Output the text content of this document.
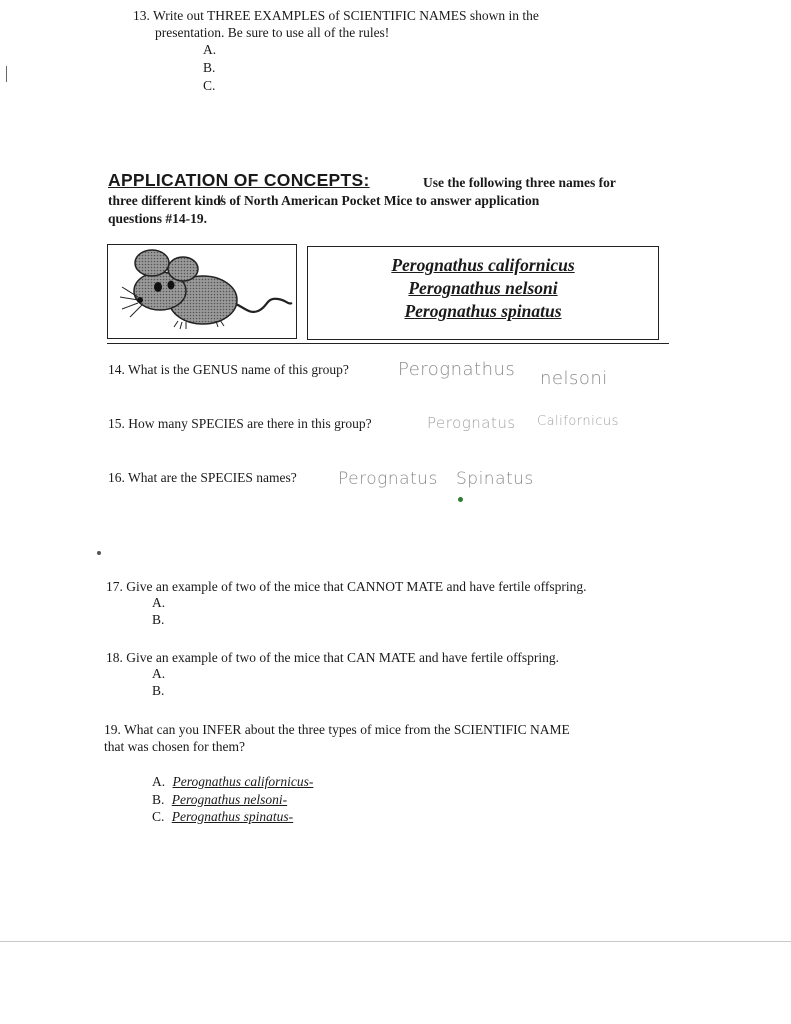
13. Write out THREE EXAMPLES of SCIENTIFIC NAMES shown in the
presentation. Be sure to use all of the rules!
A.
B.
C.
APPLICATION OF CONCEPTS:	Use the following three names for
three different kind̸s of North American Pocket Mice to answer application
questions #14-19.
Perognathus californicus
Perognathus nelsoni
Perognathus spinatus
14. What is the GENUS name of this group?	Perognathus nelsoni
15. How many SPECIES are there in this group?	Perognatus Californicus
16. What are the SPECIES names? Perognatus Spinatus
17. Give an example of two of the mice that CANNOT MATE and have fertile offspring.
A.
B.
18. Give an example of two of the mice that CAN MATE and have fertile offspring.
A.
B.
19. What can you INFER about the three types of mice from the SCIENTIFIC NAME
that was chosen for them?
A. Perognathus californicus-
B. Perognathus nelsoni-
C. Perognathus spinatus-
